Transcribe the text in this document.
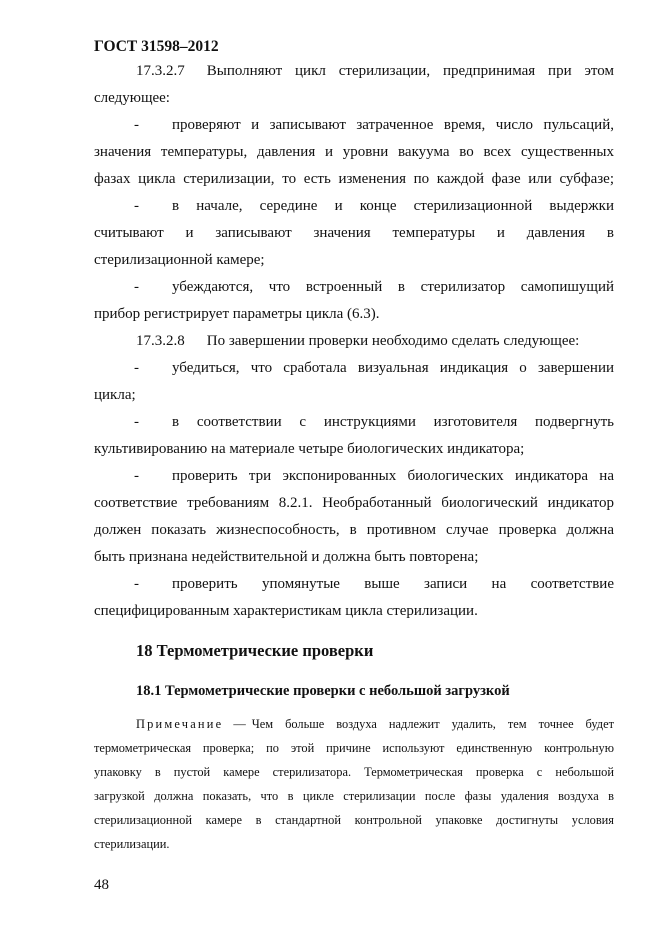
ГОСТ 31598–2012
17.3.2.7 Выполняют цикл стерилизации, предпринимая при этом
следующее:
- проверяют и записывают затраченное время, число пульсаций,
значения температуры, давления и уровни вакуума во всех существенных
фазах цикла стерилизации, то есть изменения по каждой фазе или субфазе;
- в начале, середине и конце стерилизационной выдержки
считывают и записывают значения температуры и давления в
стерилизационной камере;
- убеждаются, что встроенный в стерилизатор самопишущий
прибор регистрирует параметры цикла (6.3).
17.3.2.8 По завершении проверки необходимо сделать следующее:
- убедиться, что сработала визуальная индикация о завершении
цикла;
- в соответствии с инструкциями изготовителя подвергнуть
культивированию на материале четыре биологических индикатора;
- проверить три экспонированных биологических индикатора на
соответствие требованиям 8.2.1. Необработанный биологический индикатор
должен показать жизнеспособность, в противном случае проверка должна
быть признана недействительной и должна быть повторена;
- проверить упомянутые выше записи на соответствие
специфицированным характеристикам цикла стерилизации.
18 Термометрические проверки
18.1 Термометрические проверки с небольшой загрузкой
Примечание — Чем больше воздуха надлежит удалить, тем точнее будет
термометрическая проверка; по этой причине используют единственную контрольную
упаковку в пустой камере стерилизатора. Термометрическая проверка с небольшой
загрузкой должна показать, что в цикле стерилизации после фазы удаления воздуха в
стерилизационной камере в стандартной контрольной упаковке достигнуты условия
стерилизации.
48
